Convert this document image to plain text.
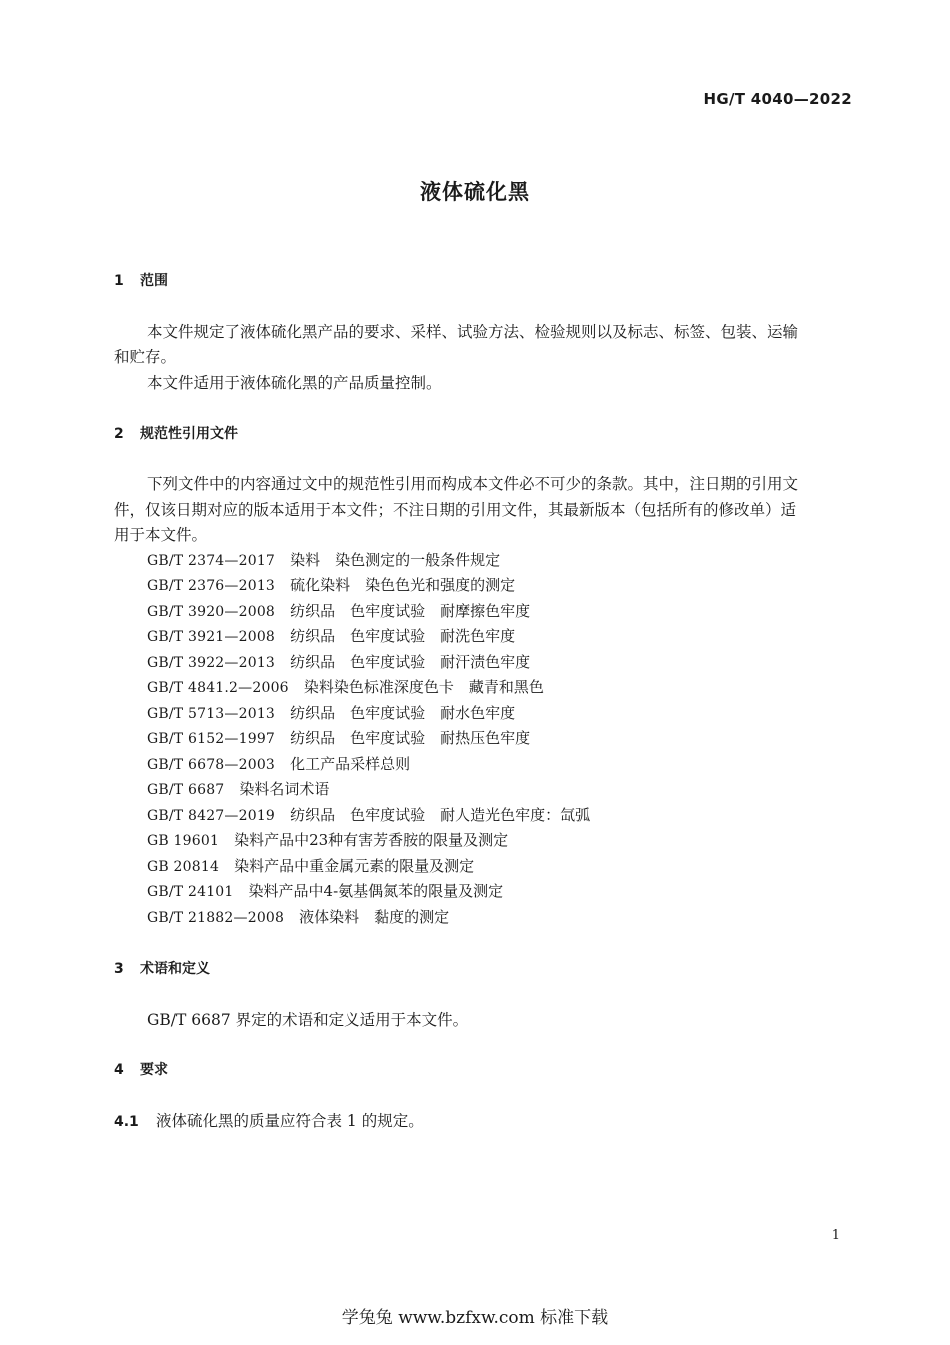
HG/T 4040—2022
液体硫化黑
1 范围
本文件规定了液体硫化黑产品的要求、采样、试验方法、检验规则以及标志、标签、包装、运输
和贮存。
本文件适用于液体硫化黑的产品质量控制。
2 规范性引用文件
下列文件中的内容通过文中的规范性引用而构成本文件必不可少的条款。其中，注日期的引用文
件，仅该日期对应的版本适用于本文件；不注日期的引用文件，其最新版本（包括所有的修改单）适
用于本文件。
GB/T 2374—2017　 染料　染色测定的一般条件规定
GB/T 2376—2013　 硫化染料　染色色光和强度的测定
GB/T 3920—2008　 纺织品　色牢度试验　耐摩擦色牢度
GB/T 3921—2008　 纺织品　色牢度试验　耐洗色牢度
GB/T 3922—2013　 纺织品　色牢度试验　耐汗渍色牢度
GB/T 4841.2—2006　 染料染色标准深度色卡　藏青和黑色
GB/T 5713—2013　 纺织品　色牢度试验　耐水色牢度
GB/T 6152—1997　 纺织品　色牢度试验　耐热压色牢度
GB/T 6678—2003　 化工产品采样总则
GB/T 6687　 染料名词术语
GB/T 8427—2019　 纺织品　色牢度试验　耐人造光色牢度：氙弧
GB 19601　 染料产品中23种有害芳香胺的限量及测定
GB 20814　 染料产品中重金属元素的限量及测定
GB/T 24101　 染料产品中4-氨基偶氮苯的限量及测定
GB/T 21882—2008　 液体染料　黏度的测定
3 术语和定义
GB/T 6687 界定的术语和定义适用于本文件。
4 要求
4.1 液体硫化黑的质量应符合表 1 的规定。
1
学兔兔 www.bzfxw.com 标准下载
